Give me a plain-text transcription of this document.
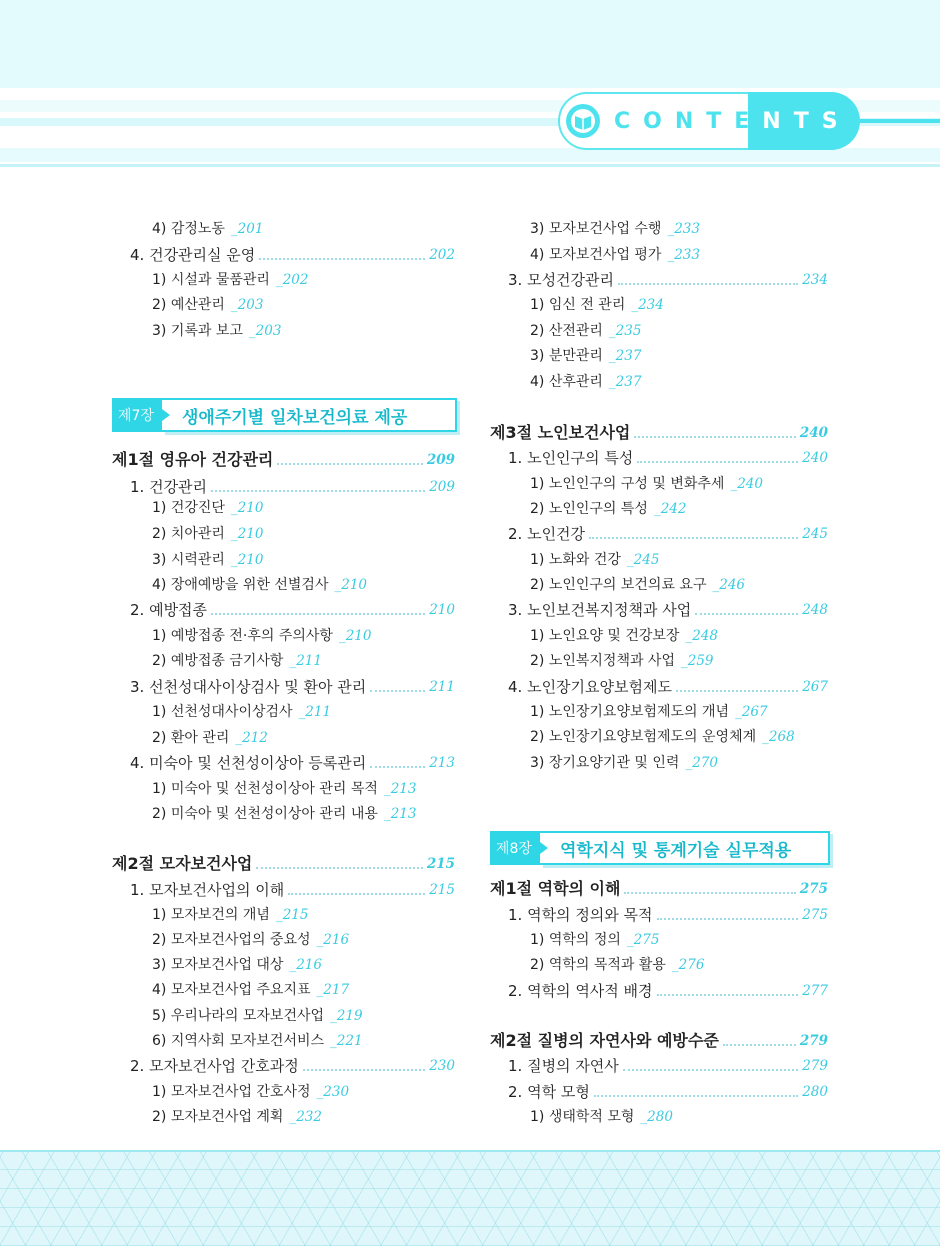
CONTENTS
4) 감정노동 _201
4. 건강관리실 운영	202
1) 시설과 물품관리 _202
2) 예산관리 _203
3) 기록과 보고 _203
제7장	생애주기별 일차보건의료 제공
제1절 영유아 건강관리	209
1. 건강관리	209
1) 건강진단 _210
2) 치아관리 _210
3) 시력관리 _210
4) 장애예방을 위한 선별검사 _210
2. 예방접종	210
1) 예방접종 전·후의 주의사항 _210
2) 예방접종 금기사항 _211
3. 선천성대사이상검사 및 환아 관리	211
1) 선천성대사이상검사 _211
2) 환아 관리 _212
4. 미숙아 및 선천성이상아 등록관리	213
1) 미숙아 및 선천성이상아 관리 목적 _213
2) 미숙아 및 선천성이상아 관리 내용 _213
제2절 모자보건사업	215
1. 모자보건사업의 이해	215
1) 모자보건의 개념 _215
2) 모자보건사업의 중요성 _216
3) 모자보건사업 대상 _216
4) 모자보건사업 주요지표 _217
5) 우리나라의 모자보건사업 _219
6) 지역사회 모자보건서비스 _221
2. 모자보건사업 간호과정	230
1) 모자보건사업 간호사정 _230
2) 모자보건사업 계획 _232
3) 모자보건사업 수행 _233
4) 모자보건사업 평가 _233
3. 모성건강관리	234
1) 임신 전 관리 _234
2) 산전관리 _235
3) 분만관리 _237
4) 산후관리 _237
제3절 노인보건사업	240
1. 노인인구의 특성	240
1) 노인인구의 구성 및 변화추세 _240
2) 노인인구의 특성 _242
2. 노인건강	245
1) 노화와 건강 _245
2) 노인인구의 보건의료 요구 _246
3. 노인보건복지정책과 사업	248
1) 노인요양 및 건강보장 _248
2) 노인복지정책과 사업 _259
4. 노인장기요양보험제도	267
1) 노인장기요양보험제도의 개념 _267
2) 노인장기요양보험제도의 운영체계 _268
3) 장기요양기관 및 인력 _270
제8장	역학지식 및 통계기술 실무적용
제1절 역학의 이해	275
1. 역학의 정의와 목적	275
1) 역학의 정의 _275
2) 역학의 목적과 활용 _276
2. 역학의 역사적 배경	277
제2절 질병의 자연사와 예방수준	279
1. 질병의 자연사	279
2. 역학 모형	280
1) 생태학적 모형 _280
